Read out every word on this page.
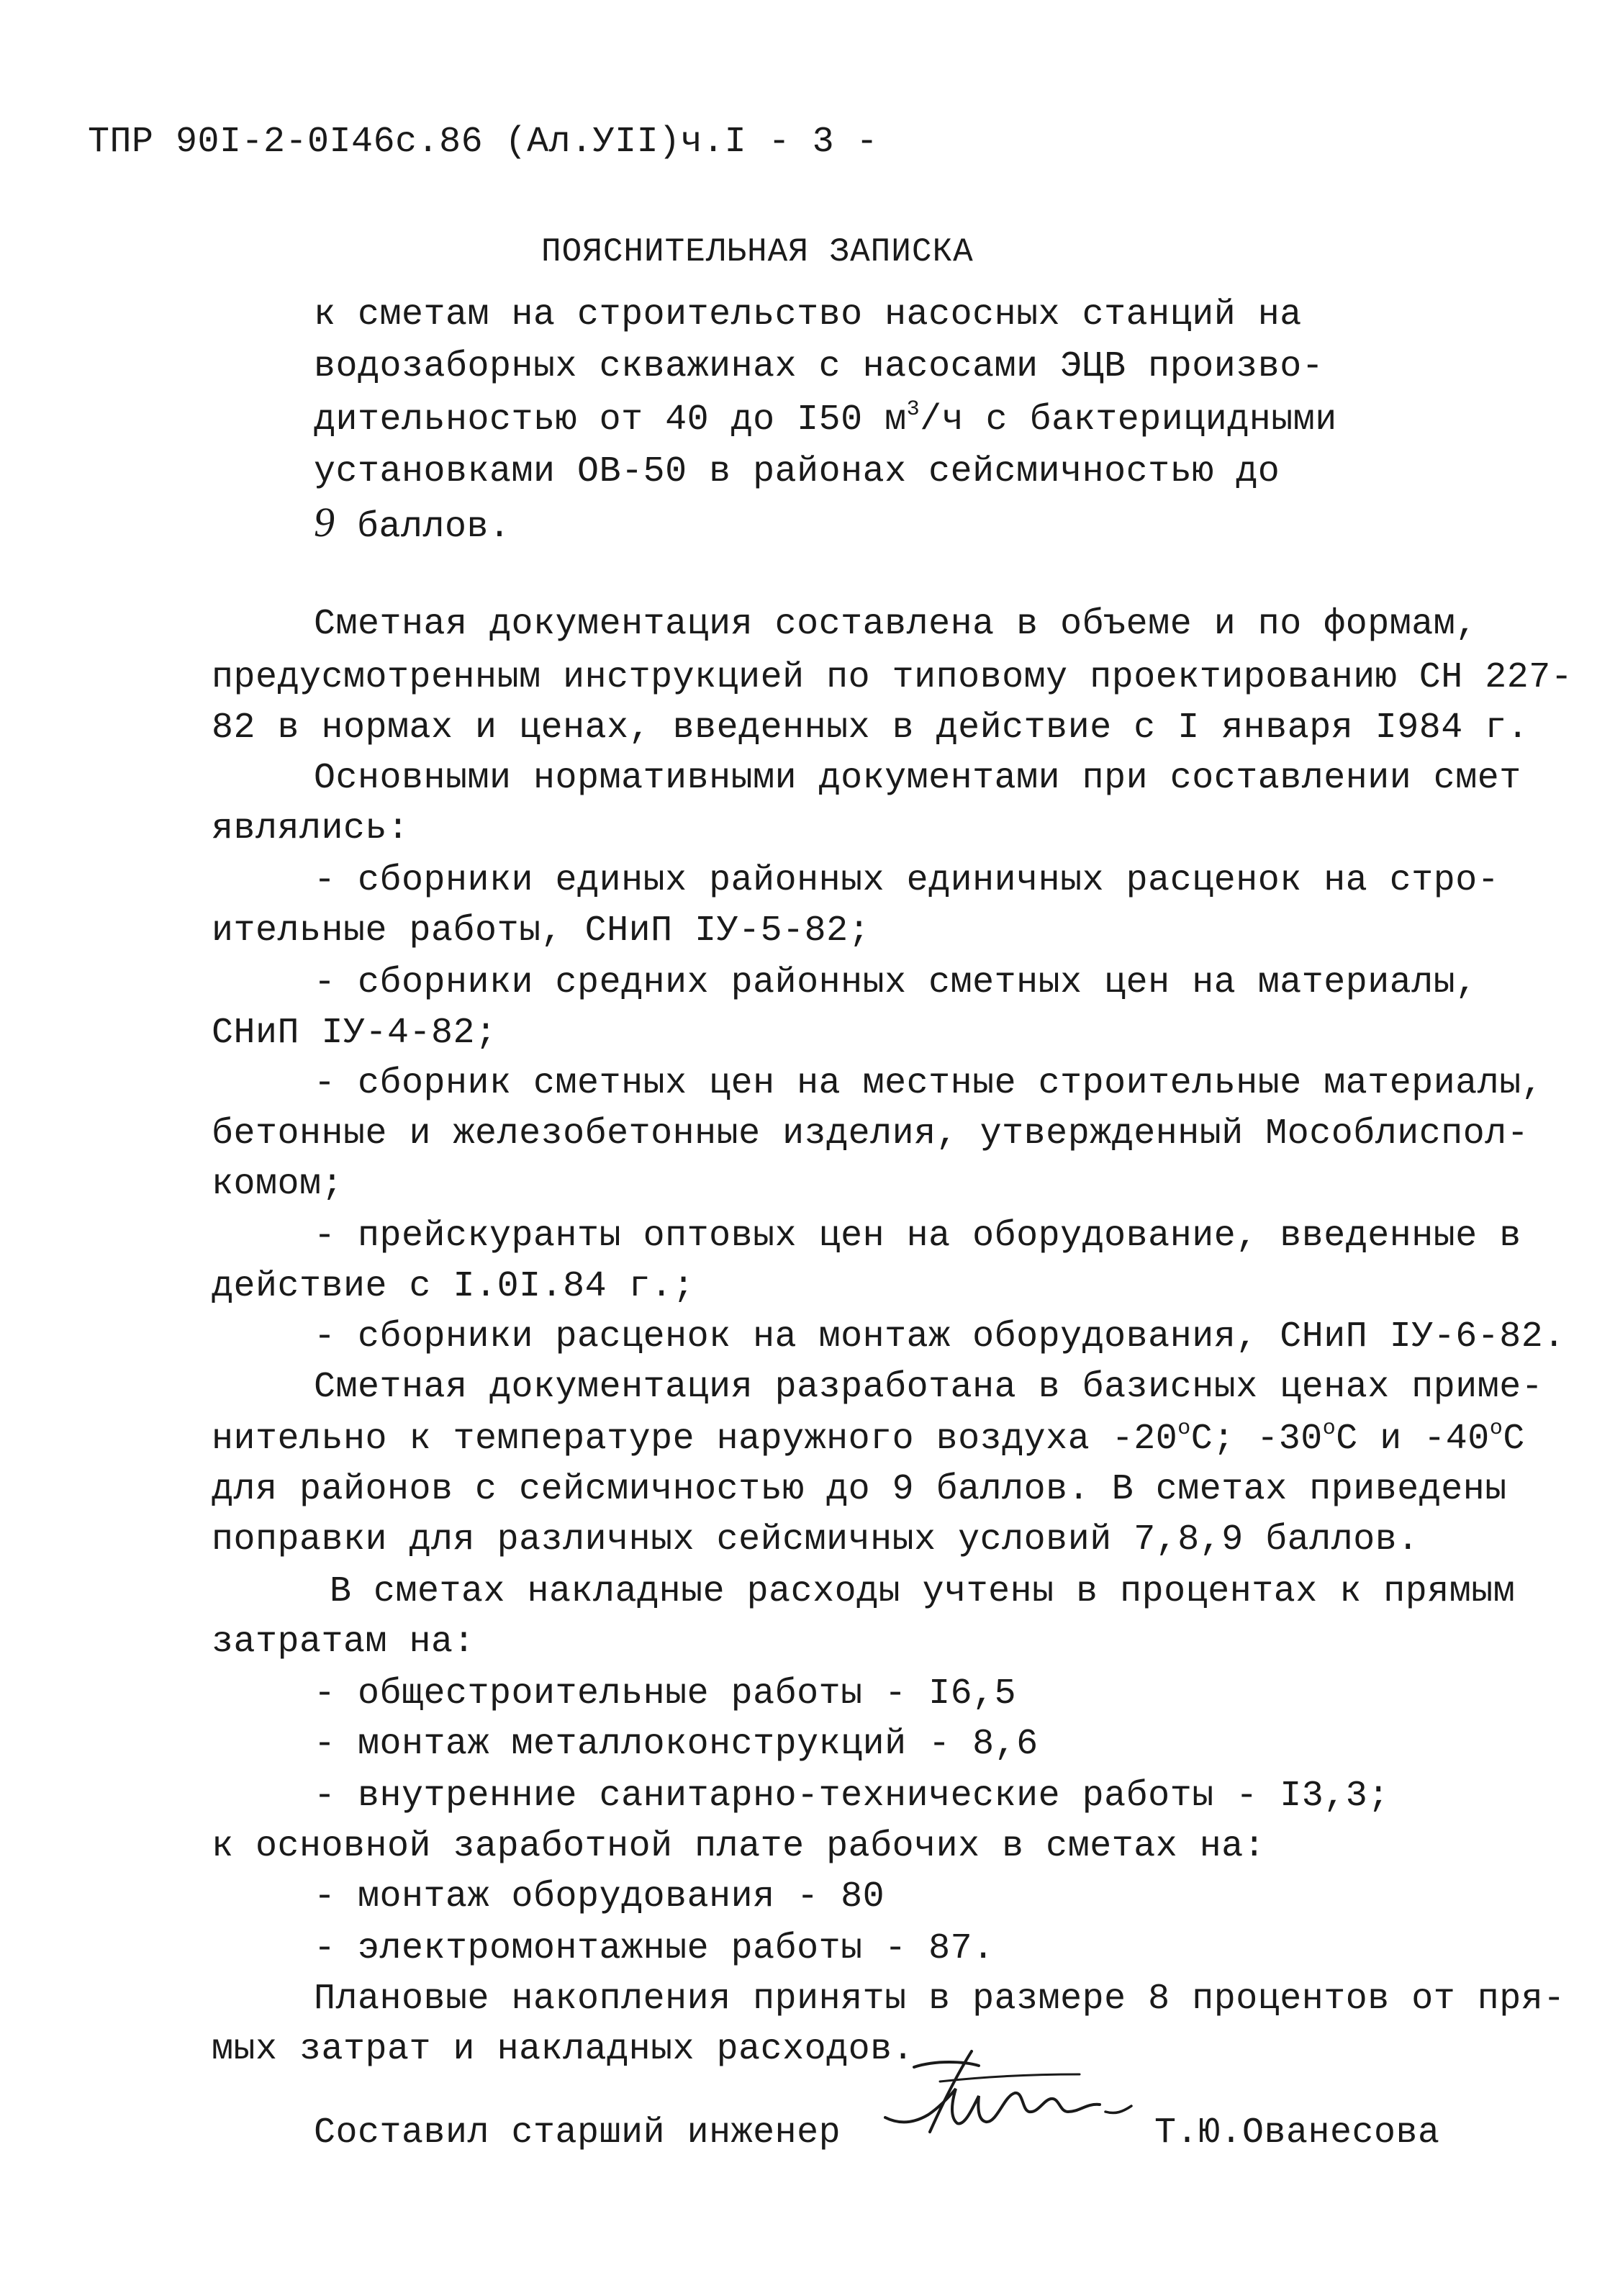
ТПР 90I-2-0I46с.86 (Ал.УII)ч.I - 3 -
ПОЯСНИТЕЛЬНАЯ ЗАПИСКА
к сметам на строительство насосных станций на
водозаборных скважинах с насосами ЭЦВ произво-
дительностью от 40 до I50 $м^3/ч$ с бактерицидными
установками ОВ-50 в районах сейсмичностью до
9 баллов.
Сметная документация составлена в объеме и по формам,
предусмотренным инструкцией по типовому проектированию СН 227-
82 в нормах и ценах, введенных в действие с I января I984 г.
Основными нормативными документами при составлении смет
являлись:
- сборники единых районных единичных расценок на стро-
ительные работы, СНиП IУ-5-82;
- сборники средних районных сметных цен на материалы,
СНиП IУ-4-82;
- сборник сметных цен на местные строительные материалы,
бетонные и железобетонные изделия, утвержденный Мособлиспол-
комом;
- прейскуранты оптовых цен на оборудование, введенные в
действие с I.0I.84 г.;
- сборники расценок на монтаж оборудования, СНиП IУ-6-82.
Сметная документация разработана в базисных ценах приме-
нительно к температуре наружного воздуха -20$^o$С; -30$^o$С и -40$^o$С
для районов с сейсмичностью до 9 баллов. В сметах приведены
поправки для различных сейсмичных условий 7,8,9 баллов.
В сметах накладные расходы учтены в процентах к прямым
затратам на:
- общестроительные работы - I6,5
- монтаж металлоконструкций - 8,6
- внутренние санитарно-технические работы - I3,3;
к основной заработной плате рабочих в сметах на:
- монтаж оборудования - 80
- электромонтажные работы - 87.
Плановые накопления приняты в размере 8 процентов от пря-
мых затрат и накладных расходов.
Составил старший инженер	Т.Ю.Ованесова
